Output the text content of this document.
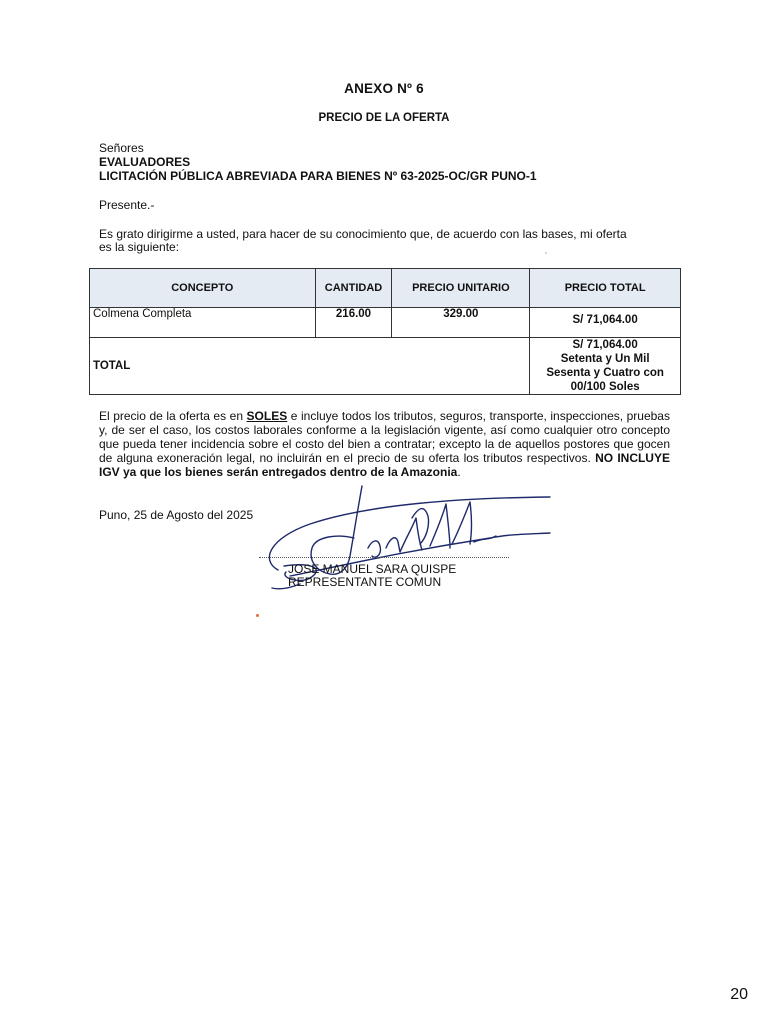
ANEXO Nº 6
PRECIO DE LA OFERTA
Señores
EVALUADORES
LICITACIÓN PÚBLICA ABREVIADA PARA BIENES Nº 63-2025-OC/GR PUNO-1
Presente.-
Es grato dirigirme a usted, para hacer de su conocimiento que, de acuerdo con las bases, mi oferta
es la siguiente:
CONCEPTO	CANTIDAD	PRECIO UNITARIO	PRECIO TOTAL
Colmena Completa	216.00	329.00	S/ 71,064.00
TOTAL			S/ 71,064.00
Setenta y Un Mil
Sesenta y Cuatro con
00/100 Soles
El precio de la oferta es en SOLES e incluye todos los tributos, seguros, transporte, inspecciones, pruebas y, de ser el caso, los costos laborales conforme a la legislación vigente, así como cualquier otro concepto que pueda tener incidencia sobre el costo del bien a contratar; excepto la de aquellos postores que gocen de alguna exoneración legal, no incluirán en el precio de su oferta los tributos respectivos. NO INCLUYE IGV ya que los bienes serán entregados dentro de la Amazonia.
Puno, 25 de Agosto del 2025
JOSE MANUEL SARA QUISPE
REPRESENTANTE COMUN
20
